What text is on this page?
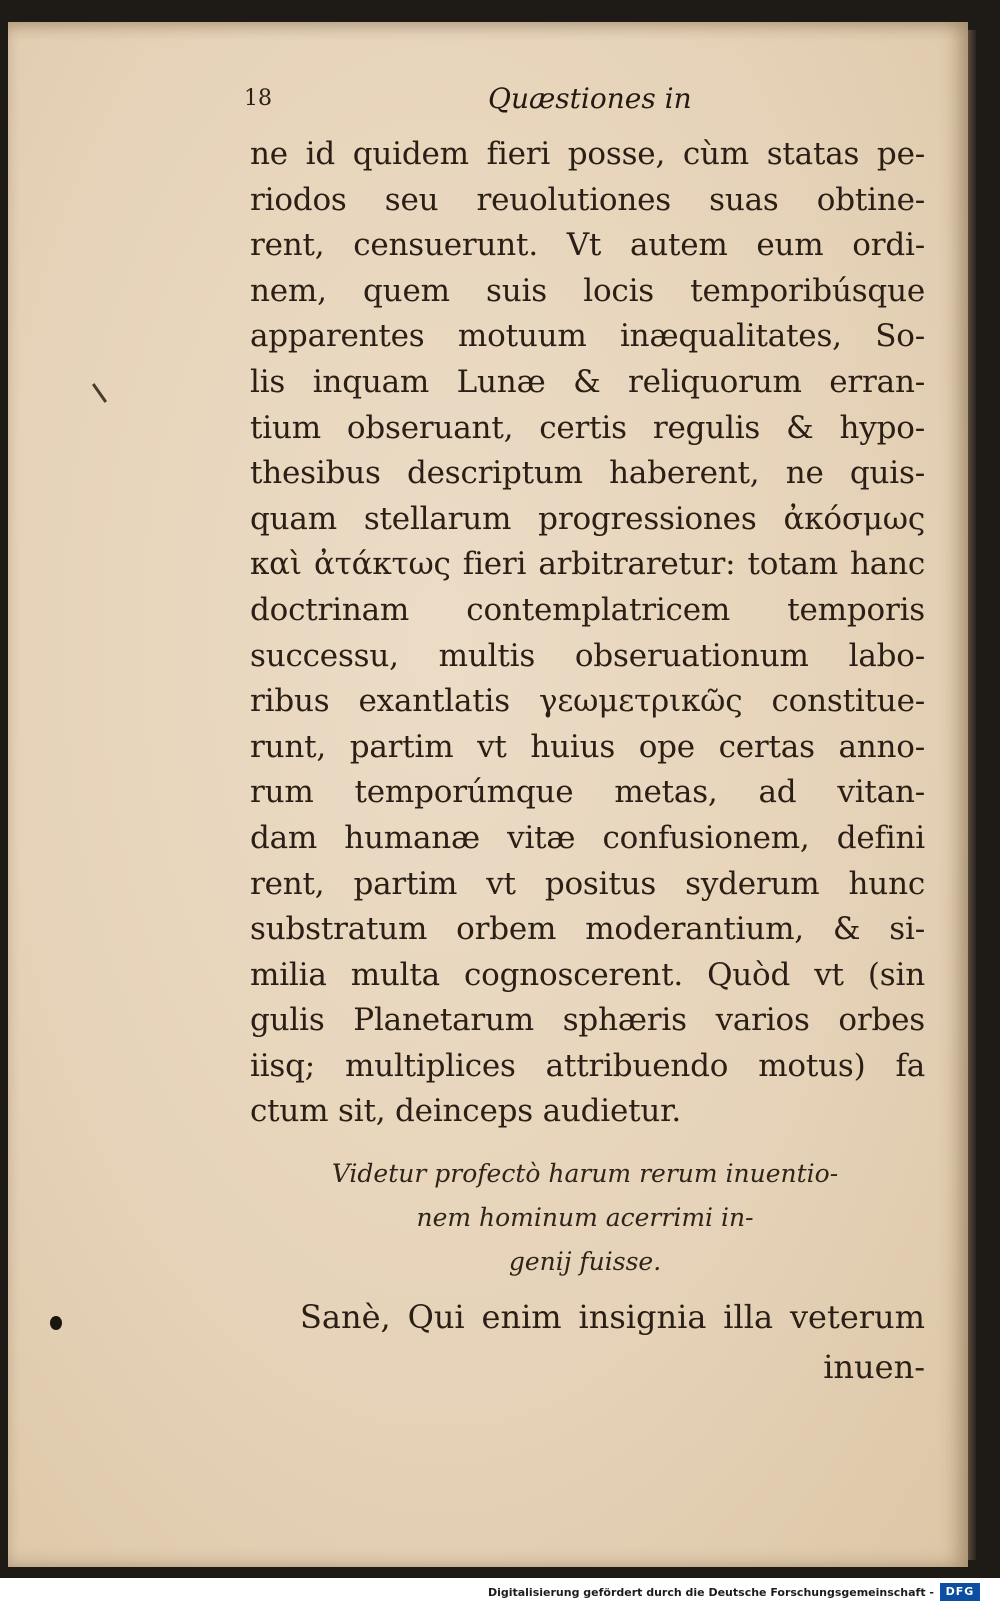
18	Quæstiones in
ne id quidem fieri posse, cùm statas pe-
riodos seu reuolutiones suas obtine-
rent, censuerunt. Vt autem eum ordi-
nem, quem suis locis temporibúsque
apparentes motuum inæqualitates, So-
lis inquam Lunæ & reliquorum erran-
tium obseruant, certis regulis & hypo-
thesibus descriptum haberent, ne quis-
quam stellarum progressiones ἀκόσμως
καὶ ἀτάκτως fieri arbitraretur: totam hanc
doctrinam contemplatricem temporis
successu, multis obseruationum labo-
ribus exantlatis γεωμετρικῶς constitue-
runt, partim vt huius ope certas anno-
rum temporúmque metas, ad vitan-
dam humanæ vitæ confusionem, defini
rent, partim vt positus syderum hunc
substratum orbem moderantium, & si-
milia multa cognoscerent. Quòd vt (sin
gulis Planetarum sphæris varios orbes
iisq; multiplices attribuendo motus) fa
ctum sit, deinceps audietur.
Videtur profectò harum rerum inuentio-
nem hominum acerrimi in-
genij fuisse.
Sanè, Qui enim insignia illa veterum
inuen-
Digitalisierung gefördert durch die Deutsche Forschungsgemeinschaft -	DFG
